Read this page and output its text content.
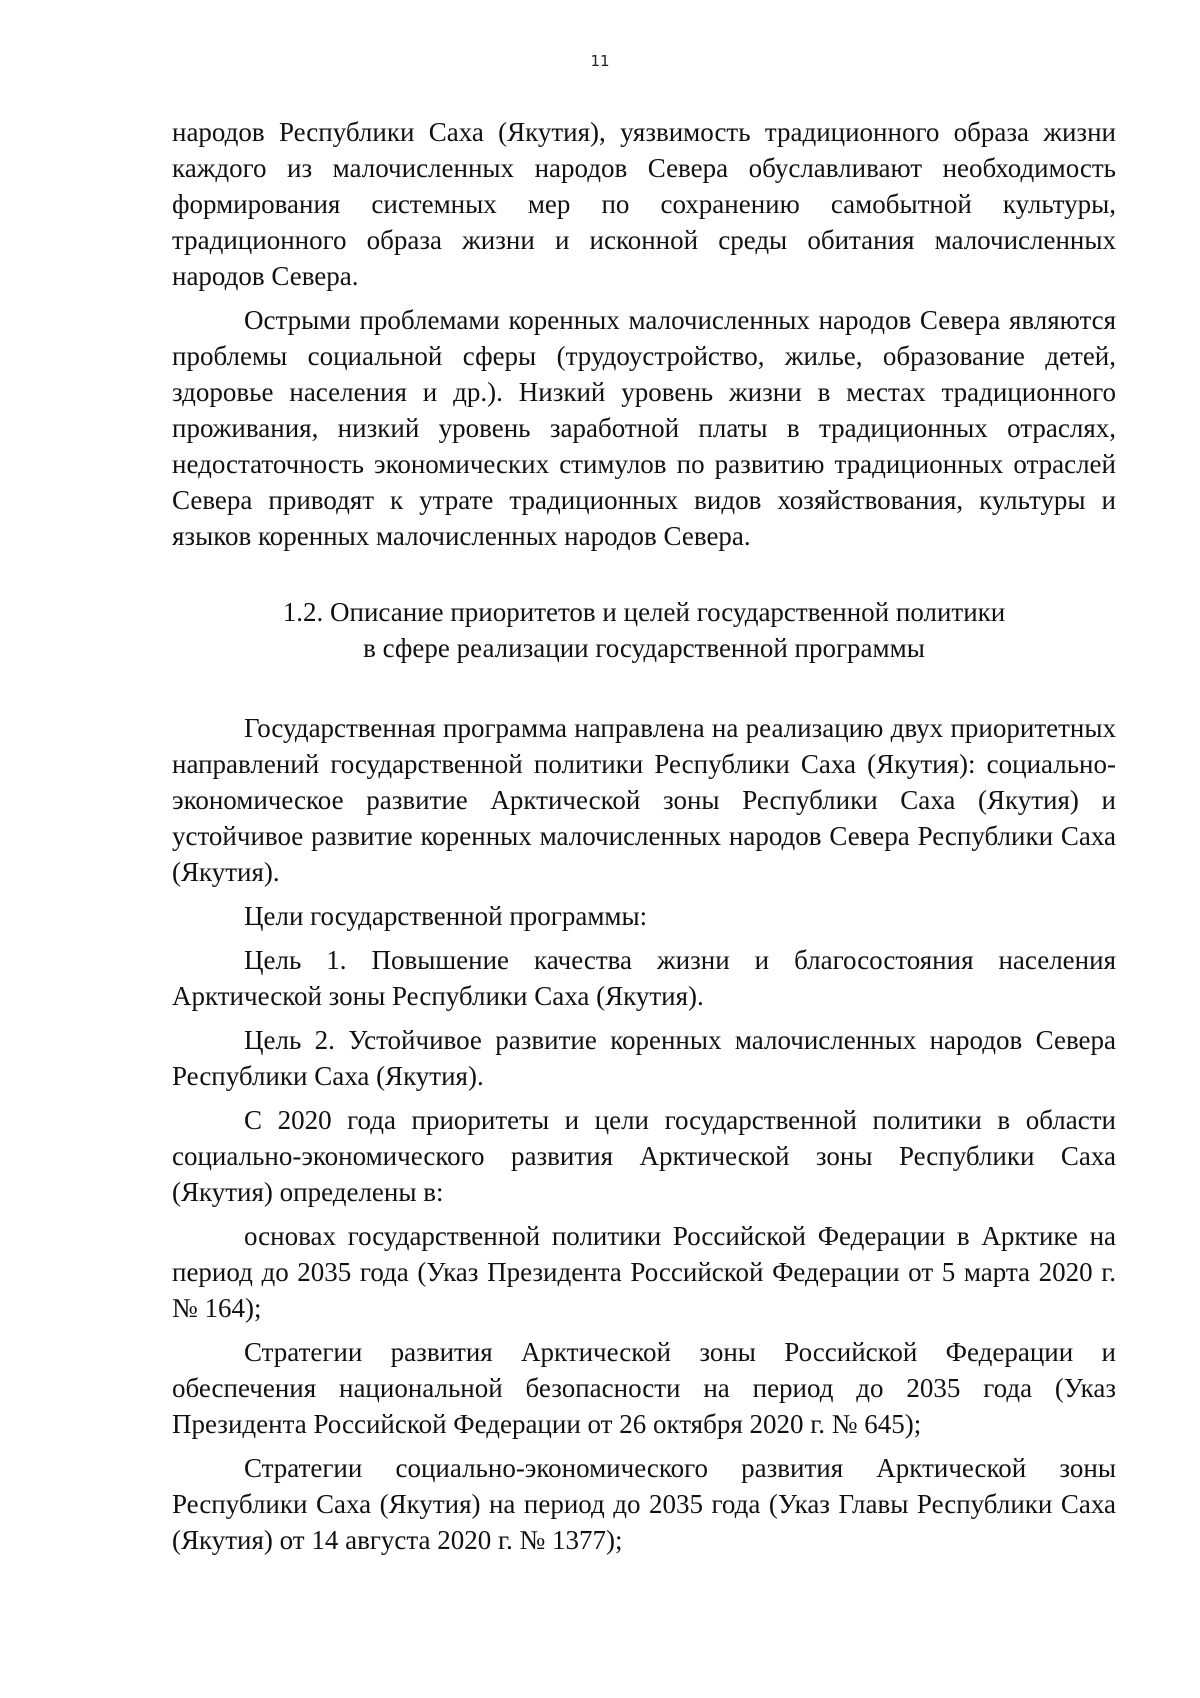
11

народов Республики Саха (Якутия), уязвимость традиционного образа жизни каждого из малочисленных народов Севера обуславливают необходимость формирования системных мер по сохранению самобытной культуры, традиционного образа жизни и исконной среды обитания малочисленных народов Севера.

Острыми проблемами коренных малочисленных народов Севера являются проблемы социальной сферы (трудоустройство, жилье, образование детей, здоровье населения и др.). Низкий уровень жизни в местах традиционного проживания, низкий уровень заработной платы в традиционных отраслях, недостаточность экономических стимулов по развитию традиционных отраслей Севера приводят к утрате традиционных видов хозяйствования, культуры и языков коренных малочисленных народов Севера.

1.2. Описание приоритетов и целей государственной политики
в сфере реализации государственной программы

Государственная программа направлена на реализацию двух приоритетных направлений государственной политики Республики Саха (Якутия): социально-экономическое развитие Арктической зоны Республики Саха (Якутия) и устойчивое развитие коренных малочисленных народов Севера Республики Саха (Якутия).

Цели государственной программы:

Цель 1. Повышение качества жизни и благосостояния населения Арктической зоны Республики Саха (Якутия).

Цель 2. Устойчивое развитие коренных малочисленных народов Севера Республики Саха (Якутия).

С 2020 года приоритеты и цели государственной политики в области социально-экономического развития Арктической зоны Республики Саха (Якутия) определены в:

основах государственной политики Российской Федерации в Арктике на период до 2035 года (Указ Президента Российской Федерации от 5 марта 2020 г. № 164);

Стратегии развития Арктической зоны Российской Федерации и обеспечения национальной безопасности на период до 2035 года (Указ Президента Российской Федерации от 26 октября 2020 г. № 645);

Стратегии социально-экономического развития Арктической зоны Республики Саха (Якутия) на период до 2035 года (Указ Главы Республики Саха (Якутия) от 14 августа 2020 г. № 1377);
